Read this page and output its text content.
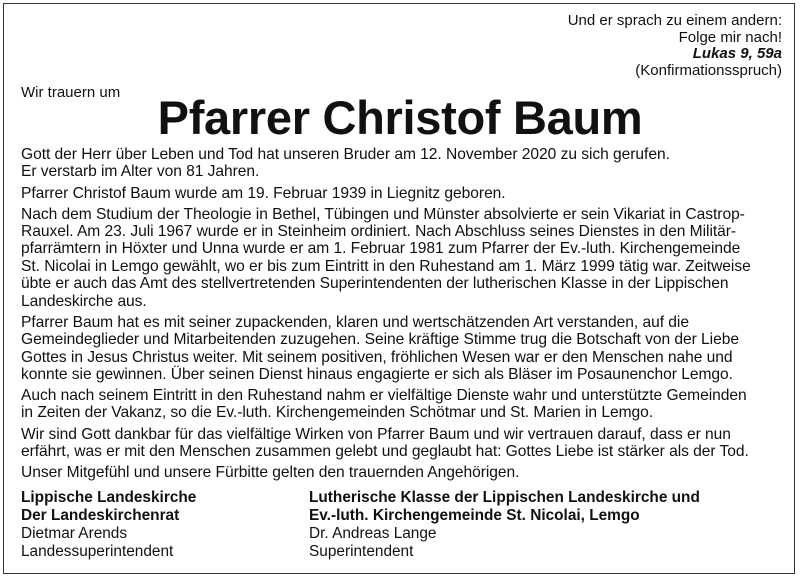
Und er sprach zu einem andern:
Folge mir nach!
Lukas 9, 59a
(Konfirmationsspruch)
Wir trauern um Pfarrer Christof Baum

Gott der Herr über Leben und Tod hat unseren Bruder am 12. November 2020 zu sich gerufen.
Er verstarb im Alter von 81 Jahren.

Pfarrer Christof Baum wurde am 19. Februar 1939 in Liegnitz geboren.

Nach dem Studium der Theologie in Bethel, Tübingen und Münster absolvierte er sein Vikariat in Castrop-
Rauxel. Am 23. Juli 1967 wurde er in Steinheim ordiniert. Nach Abschluss seines Dienstes in den Militär-
pfarrämtern in Höxter und Unna wurde er am 1. Februar 1981 zum Pfarrer der Ev.-luth. Kirchengemeinde
St. Nicolai in Lemgo gewählt, wo er bis zum Eintritt in den Ruhestand am 1. März 1999 tätig war. Zeitweise
übte er auch das Amt des stellvertretenden Superintendenten der lutherischen Klasse in der Lippischen
Landeskirche aus.

Pfarrer Baum hat es mit seiner zupackenden, klaren und wertschätzenden Art verstanden, auf die
Gemeindeglieder und Mitarbeitenden zuzugehen. Seine kräftige Stimme trug die Botschaft von der Liebe
Gottes in Jesus Christus weiter. Mit seinem positiven, fröhlichen Wesen war er den Menschen nahe und
konnte sie gewinnen. Über seinen Dienst hinaus engagierte er sich als Bläser im Posaunenchor Lemgo.

Auch nach seinem Eintritt in den Ruhestand nahm er vielfältige Dienste wahr und unterstützte Gemeinden
in Zeiten der Vakanz, so die Ev.-luth. Kirchengemeinden Schötmar und St. Marien in Lemgo.

Wir sind Gott dankbar für das vielfältige Wirken von Pfarrer Baum und wir vertrauen darauf, dass er nun
erfährt, was er mit den Menschen zusammen gelebt und geglaubt hat: Gottes Liebe ist stärker als der Tod.

Unser Mitgefühl und unsere Fürbitte gelten den trauernden Angehörigen.

Lippische Landeskirche
Der Landeskirchenrat
Dietmar Arends
Landessuperintendent
Lutherische Klasse der Lippischen Landeskirche und
Ev.-luth. Kirchengemeinde St. Nicolai, Lemgo
Dr. Andreas Lange
Superintendent
